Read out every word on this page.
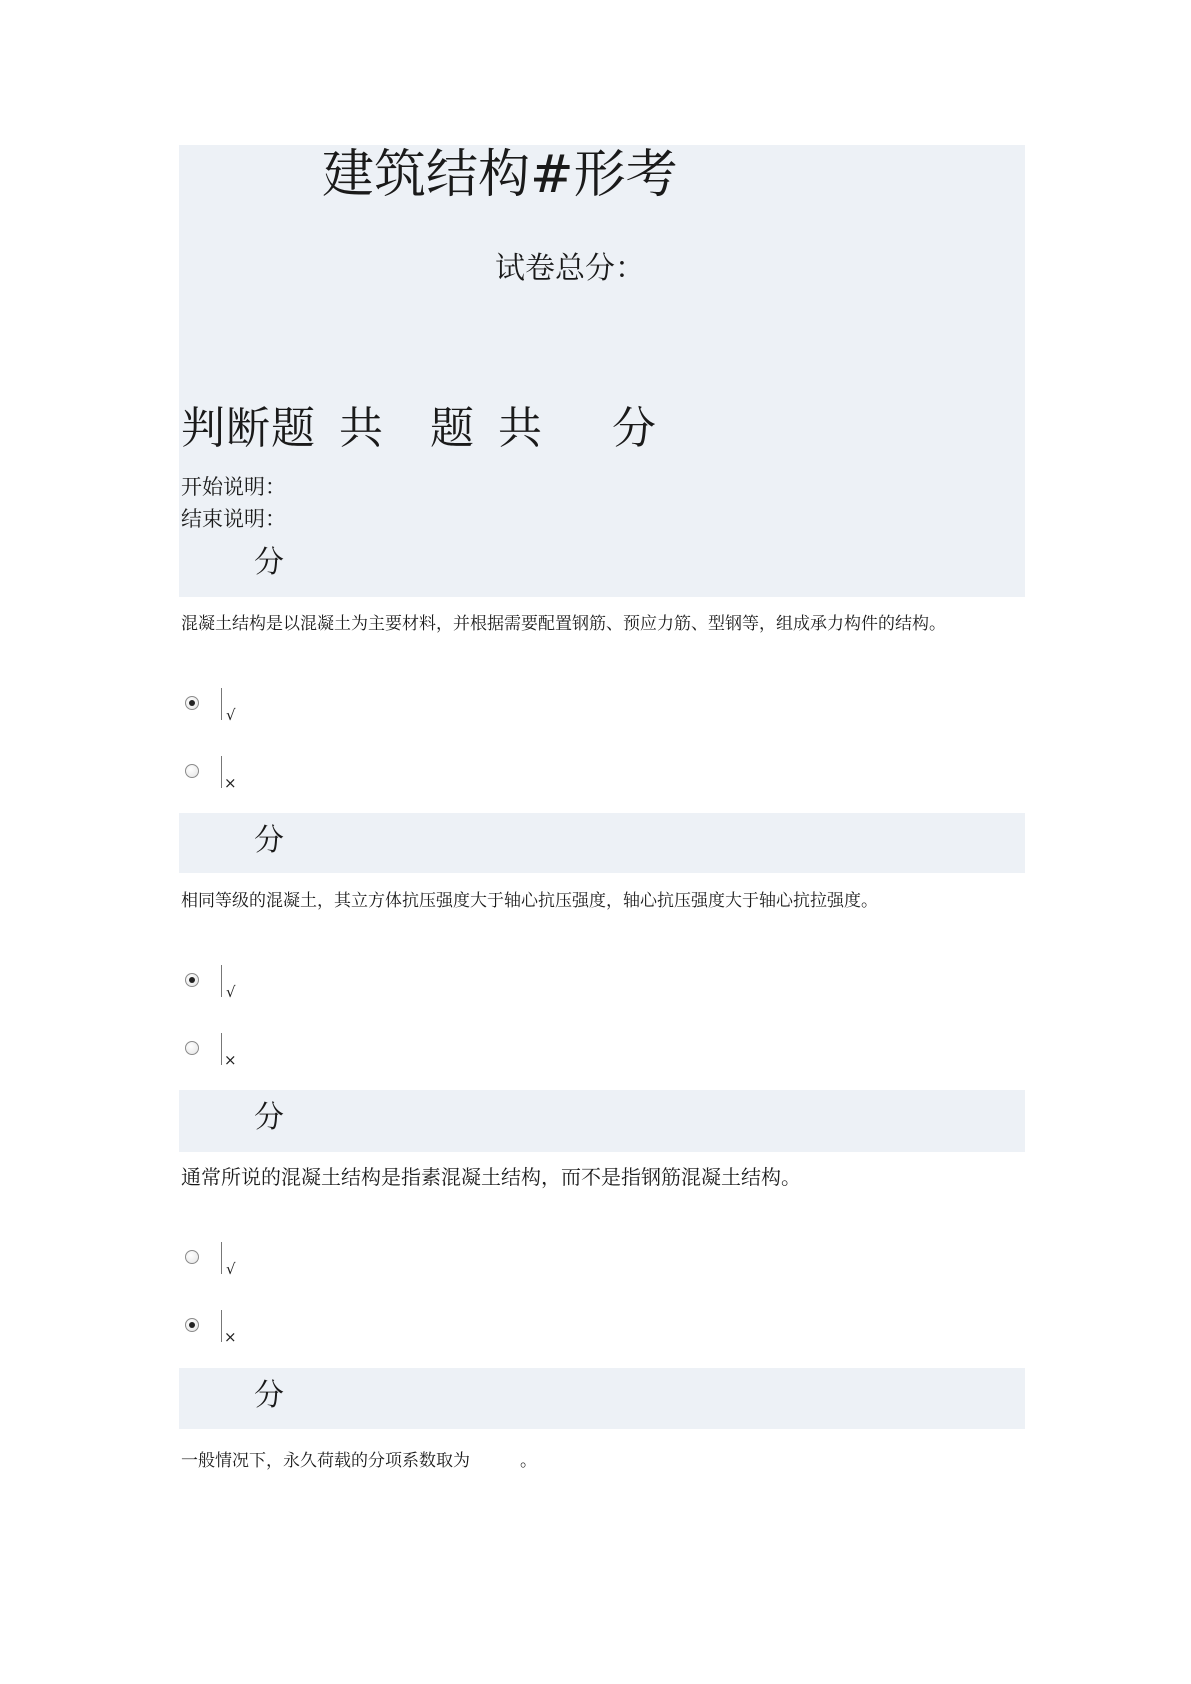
建筑结构#形考
试卷总分：
判断题 共 题 共 分
开始说明：
结束说明：
分
混凝土结构是以混凝土为主要材料，并根据需要配置钢筋、预应力筋、型钢等，组成承力构件的结构。
√
×
分
相同等级的混凝土，其立方体抗压强度大于轴心抗压强度，轴心抗压强度大于轴心抗拉强度。
√
×
分
通常所说的混凝土结构是指素混凝土结构，而不是指钢筋混凝土结构。
√
×
分
一般情况下，永久荷载的分项系数取为	。
